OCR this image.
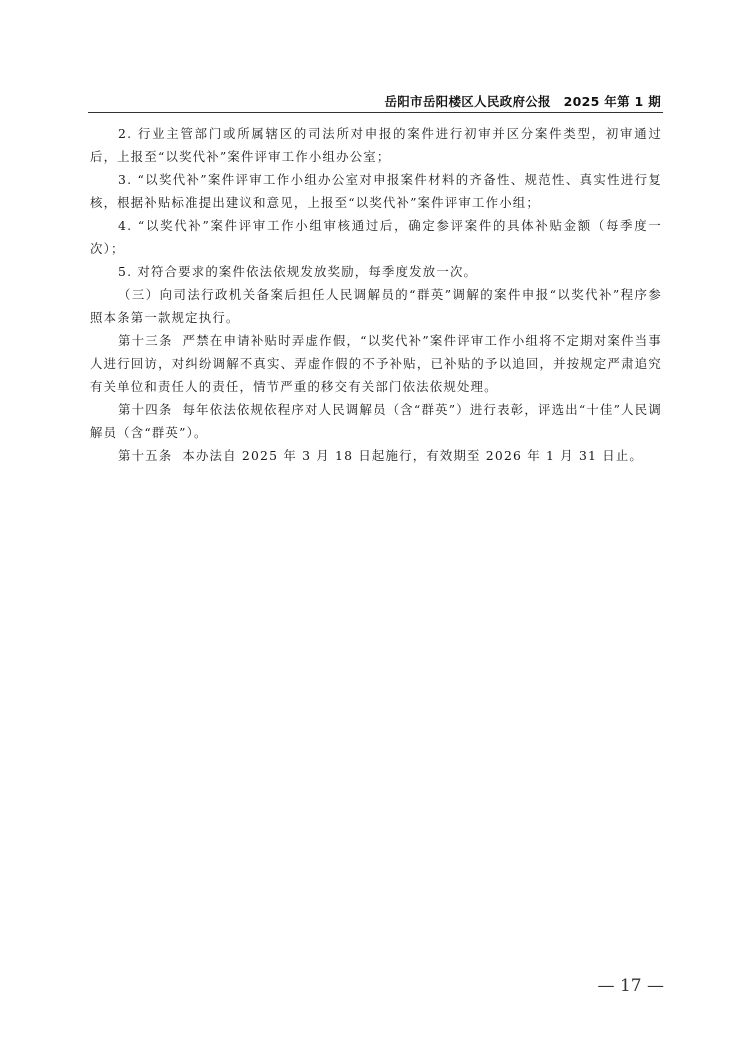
岳阳市岳阳楼区人民政府公报　2025 年第 1 期

2. 行业主管部门或所属辖区的司法所对申报的案件进行初审并区分案件类型，初审通过后，上报至“以奖代补”案件评审工作小组办公室；

3. “以奖代补”案件评审工作小组办公室对申报案件材料的齐备性、规范性、真实性进行复核，根据补贴标准提出建议和意见，上报至“以奖代补”案件评审工作小组；

4. “以奖代补”案件评审工作小组审核通过后，确定参评案件的具体补贴金额（每季度一次）；

5. 对符合要求的案件依法依规发放奖励，每季度发放一次。

（三）向司法行政机关备案后担任人民调解员的“群英”调解的案件申报“以奖代补”程序参照本条第一款规定执行。

第十三条 严禁在申请补贴时弄虚作假，“以奖代补”案件评审工作小组将不定期对案件当事人进行回访，对纠纷调解不真实、弄虚作假的不予补贴，已补贴的予以追回，并按规定严肃追究有关单位和责任人的责任，情节严重的移交有关部门依法依规处理。

第十四条 每年依法依规依程序对人民调解员（含“群英”）进行表彰，评选出“十佳”人民调解员（含“群英”）。

第十五条 本办法自 2025 年 3 月 18 日起施行，有效期至 2026 年 1 月 31 日止。

— 17 —
